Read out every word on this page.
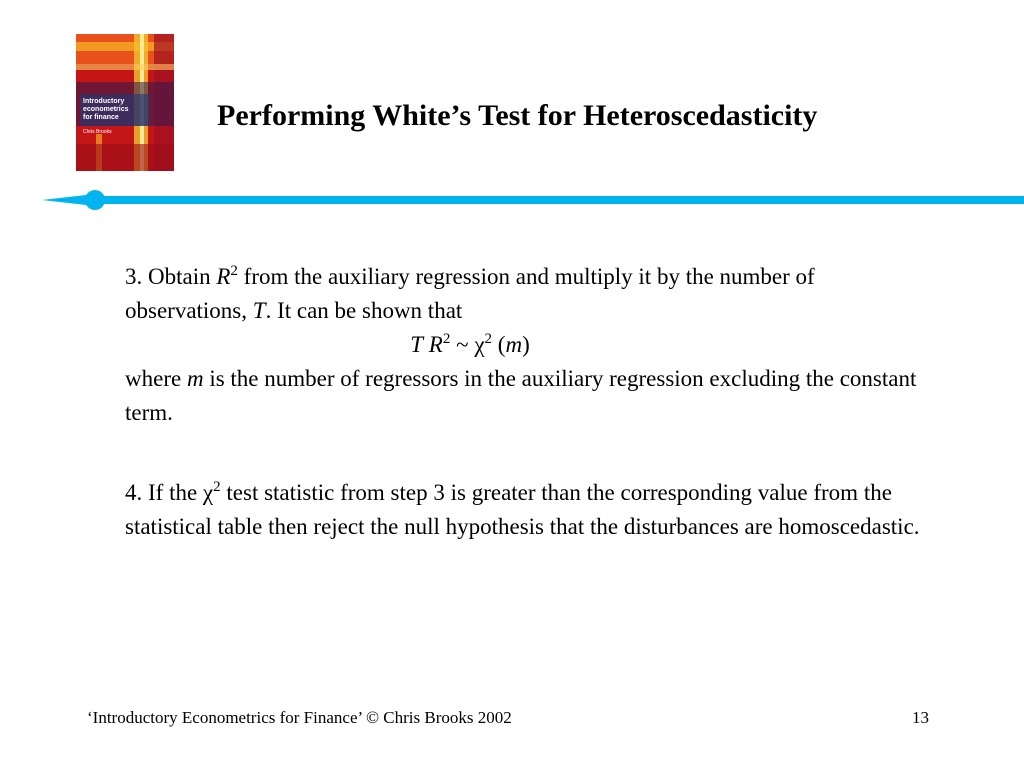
Introductory
econometrics
for finance
Chris Brooks	Performing White’s Test for Heteroscedasticity

3. Obtain $R^2$ from the auxiliary regression and multiply it by the number of observations, T. It can be shown that

T $R^2$ ~ $\chi^2$ (m)

where m is the number of regressors in the auxiliary regression excluding the constant term.

4. If the $\chi^2$ test statistic from step 3 is greater than the corresponding value from the statistical table then reject the null hypothesis that the disturbances are homoscedastic.

‘Introductory Econometrics for Finance’ © Chris Brooks 2002	13
